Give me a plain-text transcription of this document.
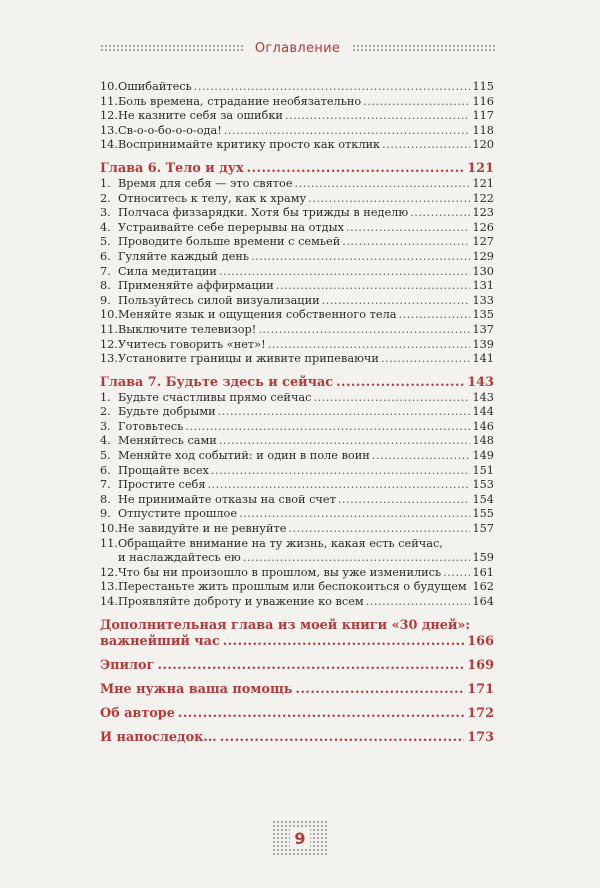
Оглавление
10. Ошибайтесь .....	115
11. Боль времена, страдание необязательно .....	116
12. Не казните себя за ошибки .....	117
13. Св-о-о-бо-о-о-ода! .....	118
14. Воспринимайте критику просто как отклик .....	120
Глава 6. Тело и дух .....	121
1. Время для себя — это святое .....	121
2. Относитесь к телу, как к храму .....	122
3. Полчаса физзарядки. Хотя бы трижды в неделю .....	123
4. Устраивайте себе перерывы на отдых .....	126
5. Проводите больше времени с семьей .....	127
6. Гуляйте каждый день .....	129
7. Сила медитации .....	130
8. Применяйте аффирмации .....	131
9. Пользуйтесь силой визуализации .....	133
10. Меняйте язык и ощущения собственного тела .....	135
11. Выключите телевизор! .....	137
12. Учитесь говорить «нет»! .....	139
13. Установите границы и живите припеваючи .....	141
Глава 7. Будьте здесь и сейчас .....	143
1. Будьте счастливы прямо сейчас .....	143
2. Будьте добрыми .....	144
3. Готовьтесь .....	146
4. Меняйтесь сами .....	148
5. Меняйте ход событий: и один в поле воин .....	149
6. Прощайте всех .....	151
7. Простите себя .....	153
8. Не принимайте отказы на свой счет .....	154
9. Отпустите прошлое .....	155
10. Не завидуйте и не ревнуйте .....	157
11. Обращайте внимание на ту жизнь, какая есть сейчас,
и наслаждайтесь ею .....	159
12. Что бы ни произошло в прошлом, вы уже изменились .....	161
13. Перестаньте жить прошлым или беспокоиться о будущем ..... 162
14. Проявляйте доброту и уважение ко всем .....	164
Дополнительная глава из моей книги «30 дней»:
важнейший час .....	166
Эпилог .....	169
Мне нужна ваша помощь .....	171
Об авторе .....	172
И напоследок... .....	173
9
